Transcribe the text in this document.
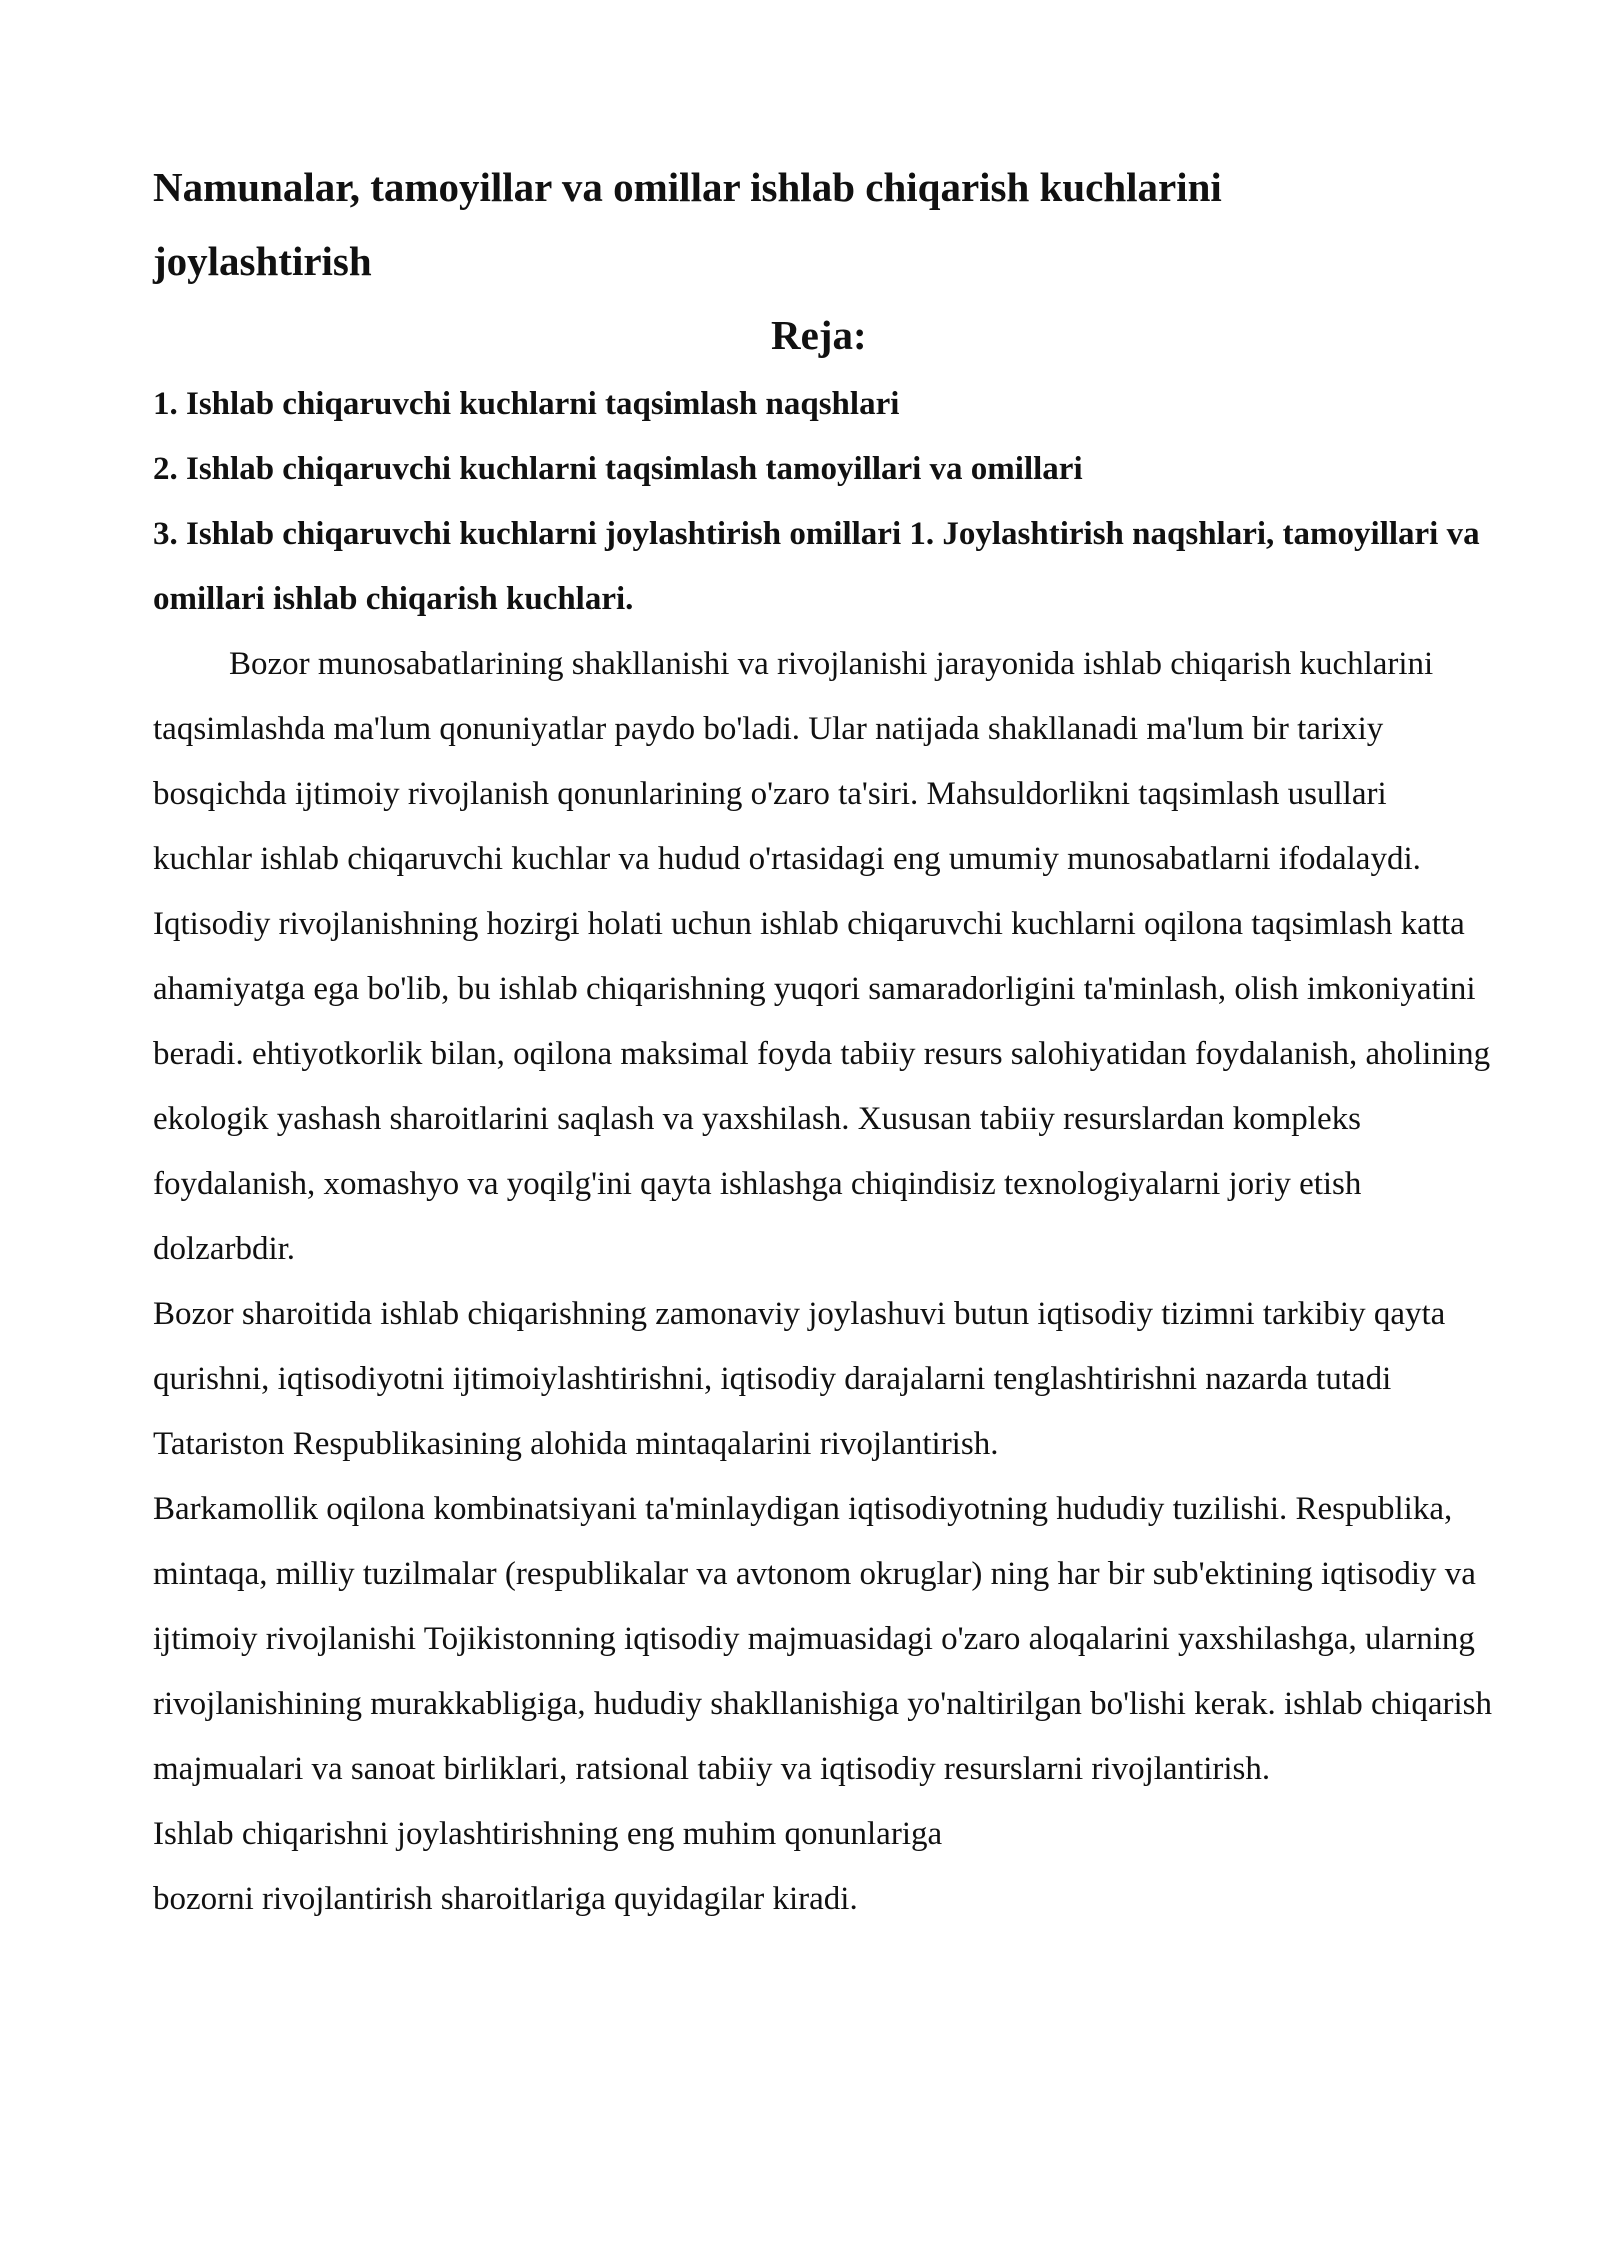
Namunalar, tamoyillar va omillar ishlab chiqarish kuchlarini joylashtirish
Reja:
1. Ishlab chiqaruvchi kuchlarni taqsimlash naqshlari
2. Ishlab chiqaruvchi kuchlarni taqsimlash tamoyillari va omillari
3. Ishlab chiqaruvchi kuchlarni joylashtirish omillari 1. Joylashtirish naqshlari, tamoyillari va omillari ishlab chiqarish kuchlari.

Bozor munosabatlarining shakllanishi va rivojlanishi jarayonida ishlab chiqarish kuchlarini taqsimlashda ma'lum qonuniyatlar paydo bo'ladi. Ular natijada shakllanadi ma'lum bir tarixiy bosqichda ijtimoiy rivojlanish qonunlarining o'zaro ta'siri. Mahsuldorlikni taqsimlash usullari kuchlar ishlab chiqaruvchi kuchlar va hudud o'rtasidagi eng umumiy munosabatlarni ifodalaydi.

Iqtisodiy rivojlanishning hozirgi holati uchun ishlab chiqaruvchi kuchlarni oqilona taqsimlash katta ahamiyatga ega bo'lib, bu ishlab chiqarishning yuqori samaradorligini ta'minlash, olish imkoniyatini beradi. ehtiyotkorlik bilan, oqilona maksimal foyda tabiiy resurs salohiyatidan foydalanish, aholining ekologik yashash sharoitlarini saqlash va yaxshilash. Xususan tabiiy resurslardan kompleks foydalanish, xomashyo va yoqilg'ini qayta ishlashga chiqindisiz texnologiyalarni joriy etish dolzarbdir.

Bozor sharoitida ishlab chiqarishning zamonaviy joylashuvi butun iqtisodiy tizimni tarkibiy qayta qurishni, iqtisodiyotni ijtimoiylashtirishni, iqtisodiy darajalarni tenglashtirishni nazarda tutadi Tatariston Respublikasining alohida mintaqalarini rivojlantirish.

Barkamollik oqilona kombinatsiyani ta'minlaydigan iqtisodiyotning hududiy tuzilishi. Respublika, mintaqa, milliy tuzilmalar (respublikalar va avtonom okruglar) ning har bir sub'ektining iqtisodiy va ijtimoiy rivojlanishi Tojikistonning iqtisodiy majmuasidagi o'zaro aloqalarini yaxshilashga, ularning rivojlanishining murakkabligiga, hududiy shakllanishiga yo'naltirilgan bo'lishi kerak. ishlab chiqarish majmualari va sanoat birliklari, ratsional tabiiy va iqtisodiy resurslarni rivojlantirish.

Ishlab chiqarishni joylashtirishning eng muhim qonunlariga

bozorni rivojlantirish sharoitlariga quyidagilar kiradi.
